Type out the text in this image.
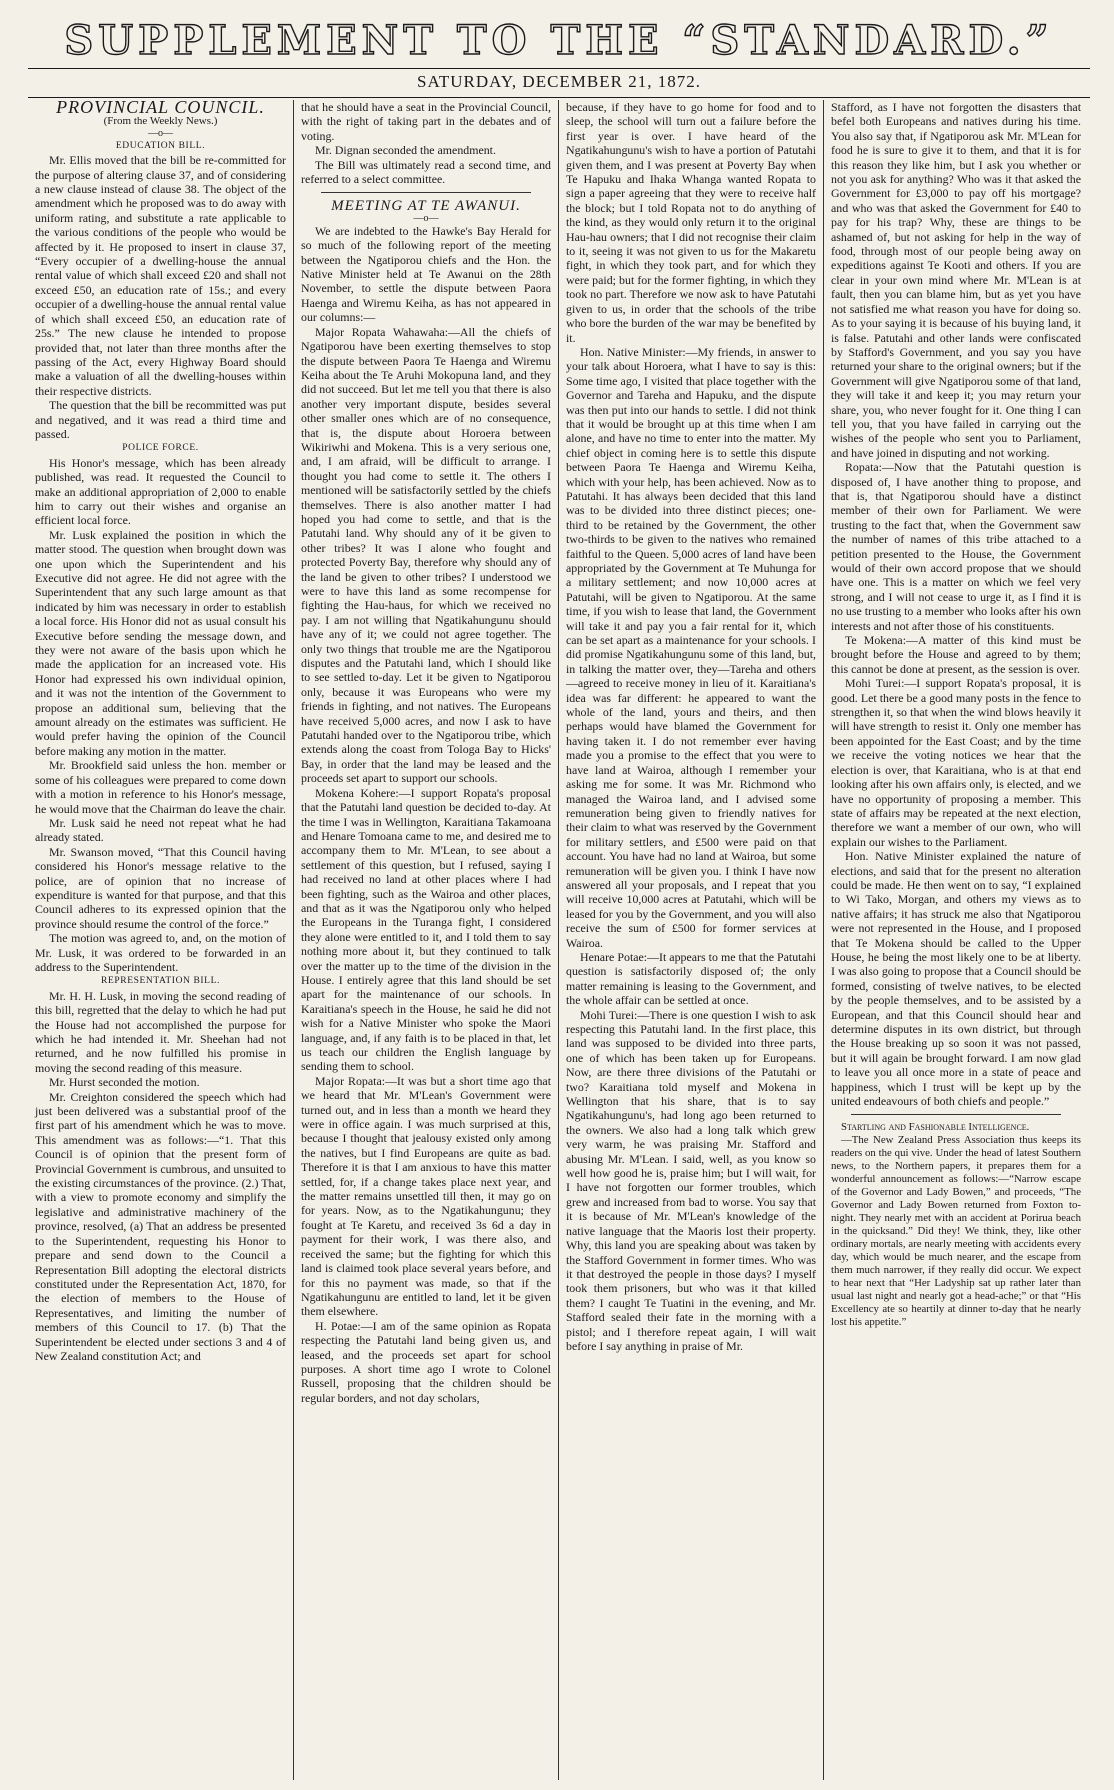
SUPPLEMENT TO THE “STANDARD.”
SATURDAY, DECEMBER 21, 1872.

PROVINCIAL COUNCIL.

(From the Weekly News.)

—o—

EDUCATION BILL.

Mr. Ellis moved that the bill be re-committed for the purpose of altering clause 37, and of considering a new clause instead of clause 38. The object of the amendment which he proposed was to do away with uniform rating, and substitute a rate applicable to the various conditions of the people who would be affected by it. He proposed to insert in clause 37, “Every occupier of a dwelling-house the annual rental value of which shall exceed £20 and shall not exceed £50, an education rate of 15s.; and every occupier of a dwelling-house the annual rental value of which shall exceed £50, an education rate of 25s.” The new clause he intended to propose provided that, not later than three months after the passing of the Act, every Highway Board should make a valuation of all the dwelling-houses within their respective districts.

The question that the bill be recommitted was put and negatived, and it was read a third time and passed.

POLICE FORCE.

His Honor's message, which has been already published, was read. It requested the Council to make an additional appropriation of 2,000 to enable him to carry out their wishes and organise an efficient local force.

Mr. Lusk explained the position in which the matter stood. The question when brought down was one upon which the Superintendent and his Executive did not agree. He did not agree with the Superintendent that any such large amount as that indicated by him was necessary in order to establish a local force. His Honor did not as usual consult his Executive before sending the message down, and they were not aware of the basis upon which he made the application for an increased vote. His Honor had expressed his own individual opinion, and it was not the intention of the Government to propose an additional sum, believing that the amount already on the estimates was sufficient. He would prefer having the opinion of the Council before making any motion in the matter.

Mr. Brookfield said unless the hon. member or some of his colleagues were prepared to come down with a motion in reference to his Honor's message, he would move that the Chairman do leave the chair.

Mr. Lusk said he need not repeat what he had already stated.

Mr. Swanson moved, “That this Council having considered his Honor's message relative to the police, are of opinion that no increase of expenditure is wanted for that purpose, and that this Council adheres to its expressed opinion that the province should resume the control of the force.”

The motion was agreed to, and, on the motion of Mr. Lusk, it was ordered to be forwarded in an address to the Superintendent.

REPRESENTATION BILL.

Mr. H. H. Lusk, in moving the second reading of this bill, regretted that the delay to which he had put the House had not accomplished the purpose for which he had intended it. Mr. Sheehan had not returned, and he now fulfilled his promise in moving the second reading of this measure.

Mr. Hurst seconded the motion.

Mr. Creighton considered the speech which had just been delivered was a substantial proof of the first part of his amendment which he was to move. This amendment was as follows:—“1. That this Council is of opinion that the present form of Provincial Government is cumbrous, and unsuited to the existing circumstances of the province. (2.) That, with a view to promote economy and simplify the legislative and administrative machinery of the province, resolved, (a) That an address be presented to the Superintendent, requesting his Honor to prepare and send down to the Council a Representation Bill adopting the electoral districts constituted under the Representation Act, 1870, for the election of members to the House of Representatives, and limiting the number of members of this Council to 17. (b) That the Superintendent be elected under sections 3 and 4 of New Zealand constitution Act; and

that he should have a seat in the Provincial Council, with the right of taking part in the debates and of voting.

Mr. Dignan seconded the amendment.

The Bill was ultimately read a second time, and referred to a select committee.

MEETING AT TE AWANUI.

—o—

We are indebted to the Hawke's Bay Herald for so much of the following report of the meeting between the Ngatiporou chiefs and the Hon. the Native Minister held at Te Awanui on the 28th November, to settle the dispute between Paora Haenga and Wiremu Keiha, as has not appeared in our columns:—

Major Ropata Wahawaha:—All the chiefs of Ngatiporou have been exerting themselves to stop the dispute between Paora Te Haenga and Wiremu Keiha about the Te Aruhi Mokopuna land, and they did not succeed. But let me tell you that there is also another very important dispute, besides several other smaller ones which are of no consequence, that is, the dispute about Horoera between Wikiriwhi and Mokena. This is a very serious one, and, I am afraid, will be difficult to arrange. I thought you had come to settle it. The others I mentioned will be satisfactorily settled by the chiefs themselves. There is also another matter I had hoped you had come to settle, and that is the Patutahi land. Why should any of it be given to other tribes? It was I alone who fought and protected Poverty Bay, therefore why should any of the land be given to other tribes? I understood we were to have this land as some recompense for fighting the Hau-haus, for which we received no pay. I am not willing that Ngatikahungunu should have any of it; we could not agree together. The only two things that trouble me are the Ngatiporou disputes and the Patutahi land, which I should like to see settled to-day. Let it be given to Ngatiporou only, because it was Europeans who were my friends in fighting, and not natives. The Europeans have received 5,000 acres, and now I ask to have Patutahi handed over to the Ngatiporou tribe, which extends along the coast from Tologa Bay to Hicks' Bay, in order that the land may be leased and the proceeds set apart to support our schools.

Mokena Kohere:—I support Ropata's proposal that the Patutahi land question be decided to-day. At the time I was in Wellington, Karaitiana Takamoana and Henare Tomoana came to me, and desired me to accompany them to Mr. M'Lean, to see about a settlement of this question, but I refused, saying I had received no land at other places where I had been fighting, such as the Wairoa and other places, and that as it was the Ngatiporou only who helped the Europeans in the Turanga fight, I considered they alone were entitled to it, and I told them to say nothing more about it, but they continued to talk over the matter up to the time of the division in the House. I entirely agree that this land should be set apart for the maintenance of our schools. In Karaitiana's speech in the House, he said he did not wish for a Native Minister who spoke the Maori language, and, if any faith is to be placed in that, let us teach our children the English language by sending them to school.

Major Ropata:—It was but a short time ago that we heard that Mr. M'Lean's Government were turned out, and in less than a month we heard they were in office again. I was much surprised at this, because I thought that jealousy existed only among the natives, but I find Europeans are quite as bad. Therefore it is that I am anxious to have this matter settled, for, if a change takes place next year, and the matter remains unsettled till then, it may go on for years. Now, as to the Ngatikahungunu; they fought at Te Karetu, and received 3s 6d a day in payment for their work, I was there also, and received the same; but the fighting for which this land is claimed took place several years before, and for this no payment was made, so that if the Ngatikahungunu are entitled to land, let it be given them elsewhere.

H. Potae:—I am of the same opinion as Ropata respecting the Patutahi land being given us, and leased, and the proceeds set apart for school purposes. A short time ago I wrote to Colonel Russell, proposing that the children should be regular borders, and not day scholars,

because, if they have to go home for food and to sleep, the school will turn out a failure before the first year is over. I have heard of the Ngatikahungunu's wish to have a portion of Patutahi given them, and I was present at Poverty Bay when Te Hapuku and Ihaka Whanga wanted Ropata to sign a paper agreeing that they were to receive half the block; but I told Ropata not to do anything of the kind, as they would only return it to the original Hau-hau owners; that I did not recognise their claim to it, seeing it was not given to us for the Makaretu fight, in which they took part, and for which they were paid; but for the former fighting, in which they took no part. Therefore we now ask to have Patutahi given to us, in order that the schools of the tribe who bore the burden of the war may be benefited by it.

Hon. Native Minister:—My friends, in answer to your talk about Horoera, what I have to say is this: Some time ago, I visited that place together with the Governor and Tareha and Hapuku, and the dispute was then put into our hands to settle. I did not think that it would be brought up at this time when I am alone, and have no time to enter into the matter. My chief object in coming here is to settle this dispute between Paora Te Haenga and Wiremu Keiha, which with your help, has been achieved. Now as to Patutahi. It has always been decided that this land was to be divided into three distinct pieces; one-third to be retained by the Government, the other two-thirds to be given to the natives who remained faithful to the Queen. 5,000 acres of land have been appropriated by the Government at Te Muhunga for a military settlement; and now 10,000 acres at Patutahi, will be given to Ngatiporou. At the same time, if you wish to lease that land, the Government will take it and pay you a fair rental for it, which can be set apart as a maintenance for your schools. I did promise Ngatikahungunu some of this land, but, in talking the matter over, they—Tareha and others—agreed to receive money in lieu of it. Karaitiana's idea was far different: he appeared to want the whole of the land, yours and theirs, and then perhaps would have blamed the Government for having taken it. I do not remember ever having made you a promise to the effect that you were to have land at Wairoa, although I remember your asking me for some. It was Mr. Richmond who managed the Wairoa land, and I advised some remuneration being given to friendly natives for their claim to what was reserved by the Government for military settlers, and £500 were paid on that account. You have had no land at Wairoa, but some remuneration will be given you. I think I have now answered all your proposals, and I repeat that you will receive 10,000 acres at Patutahi, which will be leased for you by the Government, and you will also receive the sum of £500 for former services at Wairoa.

Henare Potae:—It appears to me that the Patutahi question is satisfactorily disposed of; the only matter remaining is leasing to the Government, and the whole affair can be settled at once.

Mohi Turei:—There is one question I wish to ask respecting this Patutahi land. In the first place, this land was supposed to be divided into three parts, one of which has been taken up for Europeans. Now, are there three divisions of the Patutahi or two? Karaitiana told myself and Mokena in Wellington that his share, that is to say Ngatikahungunu's, had long ago been returned to the owners. We also had a long talk which grew very warm, he was praising Mr. Stafford and abusing Mr. M'Lean. I said, well, as you know so well how good he is, praise him; but I will wait, for I have not forgotten our former troubles, which grew and increased from bad to worse. You say that it is because of Mr. M'Lean's knowledge of the native language that the Maoris lost their property. Why, this land you are speaking about was taken by the Stafford Government in former times. Who was it that destroyed the people in those days? I myself took them prisoners, but who was it that killed them? I caught Te Tuatini in the evening, and Mr. Stafford sealed their fate in the morning with a pistol; and I therefore repeat again, I will wait before I say anything in praise of Mr.

Stafford, as I have not forgotten the disasters that befel both Europeans and natives during his time. You also say that, if Ngatiporou ask Mr. M'Lean for food he is sure to give it to them, and that it is for this reason they like him, but I ask you whether or not you ask for anything? Who was it that asked the Government for £3,000 to pay off his mortgage? and who was that asked the Government for £40 to pay for his trap? Why, these are things to be ashamed of, but not asking for help in the way of food, through most of our people being away on expeditions against Te Kooti and others. If you are clear in your own mind where Mr. M'Lean is at fault, then you can blame him, but as yet you have not satisfied me what reason you have for doing so. As to your saying it is because of his buying land, it is false. Patutahi and other lands were confiscated by Stafford's Government, and you say you have returned your share to the original owners; but if the Government will give Ngatiporou some of that land, they will take it and keep it; you may return your share, you, who never fought for it. One thing I can tell you, that you have failed in carrying out the wishes of the people who sent you to Parliament, and have joined in disputing and not working.

Ropata:—Now that the Patutahi question is disposed of, I have another thing to propose, and that is, that Ngatiporou should have a distinct member of their own for Parliament. We were trusting to the fact that, when the Government saw the number of names of this tribe attached to a petition presented to the House, the Government would of their own accord propose that we should have one. This is a matter on which we feel very strong, and I will not cease to urge it, as I find it is no use trusting to a member who looks after his own interests and not after those of his constituents.

Te Mokena:—A matter of this kind must be brought before the House and agreed to by them; this cannot be done at present, as the session is over.

Mohi Turei:—I support Ropata's proposal, it is good. Let there be a good many posts in the fence to strengthen it, so that when the wind blows heavily it will have strength to resist it. Only one member has been appointed for the East Coast; and by the time we receive the voting notices we hear that the election is over, that Karaitiana, who is at that end looking after his own affairs only, is elected, and we have no opportunity of proposing a member. This state of affairs may be repeated at the next election, therefore we want a member of our own, who will explain our wishes to the Parliament.

Hon. Native Minister explained the nature of elections, and said that for the present no alteration could be made. He then went on to say, “I explained to Wi Tako, Morgan, and others my views as to native affairs; it has struck me also that Ngatiporou were not represented in the House, and I proposed that Te Mokena should be called to the Upper House, he being the most likely one to be at liberty. I was also going to propose that a Council should be formed, consisting of twelve natives, to be elected by the people themselves, and to be assisted by a European, and that this Council should hear and determine disputes in its own district, but through the House breaking up so soon it was not passed, but it will again be brought forward. I am now glad to leave you all once more in a state of peace and happiness, which I trust will be kept up by the united endeavours of both chiefs and people.”

Startling and Fashionable Intelligence.

—The New Zealand Press Association thus keeps its readers on the qui vive. Under the head of latest Southern news, to the Northern papers, it prepares them for a wonderful announcement as follows:—“Narrow escape of the Governor and Lady Bowen,” and proceeds, “The Governor and Lady Bowen returned from Foxton to-night. They nearly met with an accident at Porirua beach in the quicksand.” Did they! We think, they, like other ordinary mortals, are nearly meeting with accidents every day, which would be much nearer, and the escape from them much narrower, if they really did occur. We expect to hear next that “Her Ladyship sat up rather later than usual last night and nearly got a head-ache;” or that “His Excellency ate so heartily at dinner to-day that he nearly lost his appetite.”
